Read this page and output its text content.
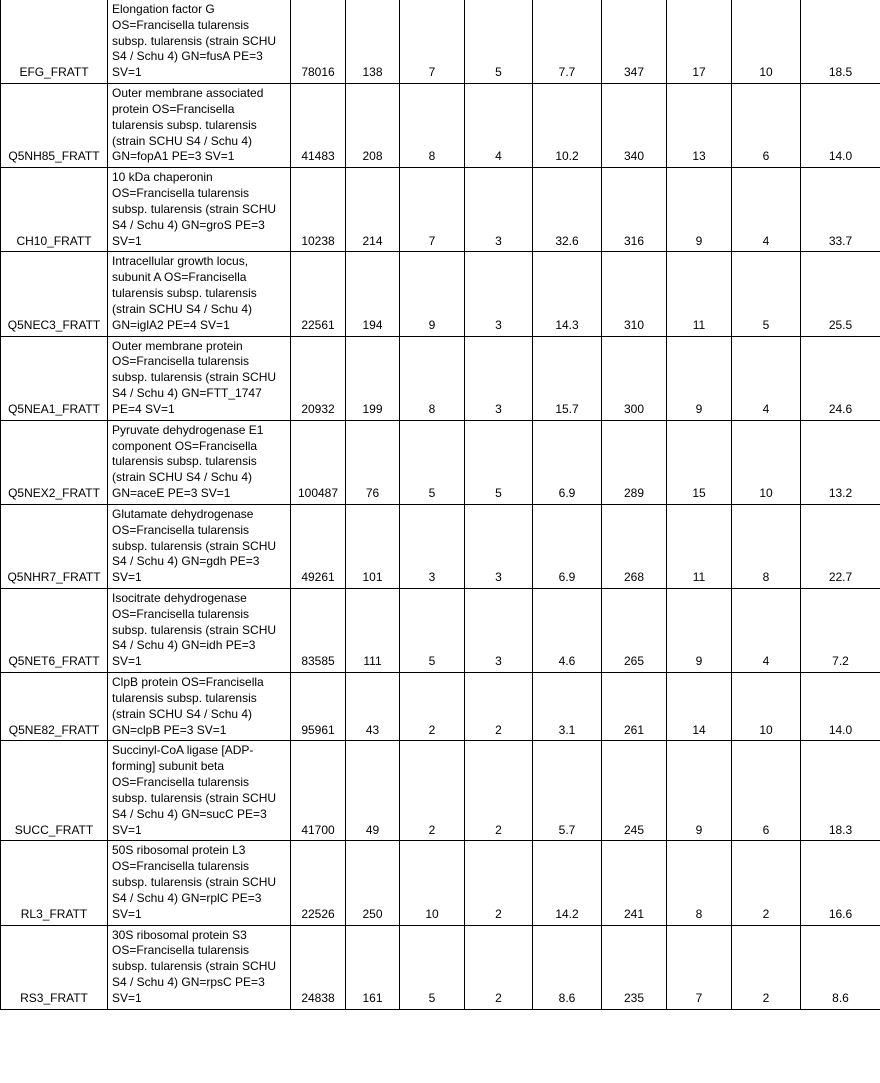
EFG_FRATT	Elongation factor G OS=Francisella tularensis subsp. tularensis (strain SCHU S4 / Schu 4) GN=fusA PE=3 SV=1	78016	138	7	5	7.7	347	17	10	18.5
Q5NH85_FRATT	Outer membrane associated protein OS=Francisella tularensis subsp. tularensis (strain SCHU S4 / Schu 4) GN=fopA1 PE=3 SV=1	41483	208	8	4	10.2	340	13	6	14.0
CH10_FRATT	10 kDa chaperonin OS=Francisella tularensis subsp. tularensis (strain SCHU S4 / Schu 4) GN=groS PE=3 SV=1	10238	214	7	3	32.6	316	9	4	33.7
Q5NEC3_FRATT	Intracellular growth locus, subunit A OS=Francisella tularensis subsp. tularensis (strain SCHU S4 / Schu 4) GN=iglA2 PE=4 SV=1	22561	194	9	3	14.3	310	11	5	25.5
Q5NEA1_FRATT	Outer membrane protein OS=Francisella tularensis subsp. tularensis (strain SCHU S4 / Schu 4) GN=FTT_1747 PE=4 SV=1	20932	199	8	3	15.7	300	9	4	24.6
Q5NEX2_FRATT	Pyruvate dehydrogenase E1 component OS=Francisella tularensis subsp. tularensis (strain SCHU S4 / Schu 4) GN=aceE PE=3 SV=1	100487	76	5	5	6.9	289	15	10	13.2
Q5NHR7_FRATT	Glutamate dehydrogenase OS=Francisella tularensis subsp. tularensis (strain SCHU S4 / Schu 4) GN=gdh PE=3 SV=1	49261	101	3	3	6.9	268	11	8	22.7
Q5NET6_FRATT	Isocitrate dehydrogenase OS=Francisella tularensis subsp. tularensis (strain SCHU S4 / Schu 4) GN=idh PE=3 SV=1	83585	111	5	3	4.6	265	9	4	7.2
Q5NE82_FRATT	ClpB protein OS=Francisella tularensis subsp. tularensis (strain SCHU S4 / Schu 4) GN=clpB PE=3 SV=1	95961	43	2	2	3.1	261	14	10	14.0
SUCC_FRATT	Succinyl-CoA ligase [ADP-forming] subunit beta OS=Francisella tularensis subsp. tularensis (strain SCHU S4 / Schu 4) GN=sucC PE=3 SV=1	41700	49	2	2	5.7	245	9	6	18.3
RL3_FRATT	50S ribosomal protein L3 OS=Francisella tularensis subsp. tularensis (strain SCHU S4 / Schu 4) GN=rplC PE=3 SV=1	22526	250	10	2	14.2	241	8	2	16.6
RS3_FRATT	30S ribosomal protein S3 OS=Francisella tularensis subsp. tularensis (strain SCHU S4 / Schu 4) GN=rpsC PE=3 SV=1	24838	161	5	2	8.6	235	7	2	8.6
